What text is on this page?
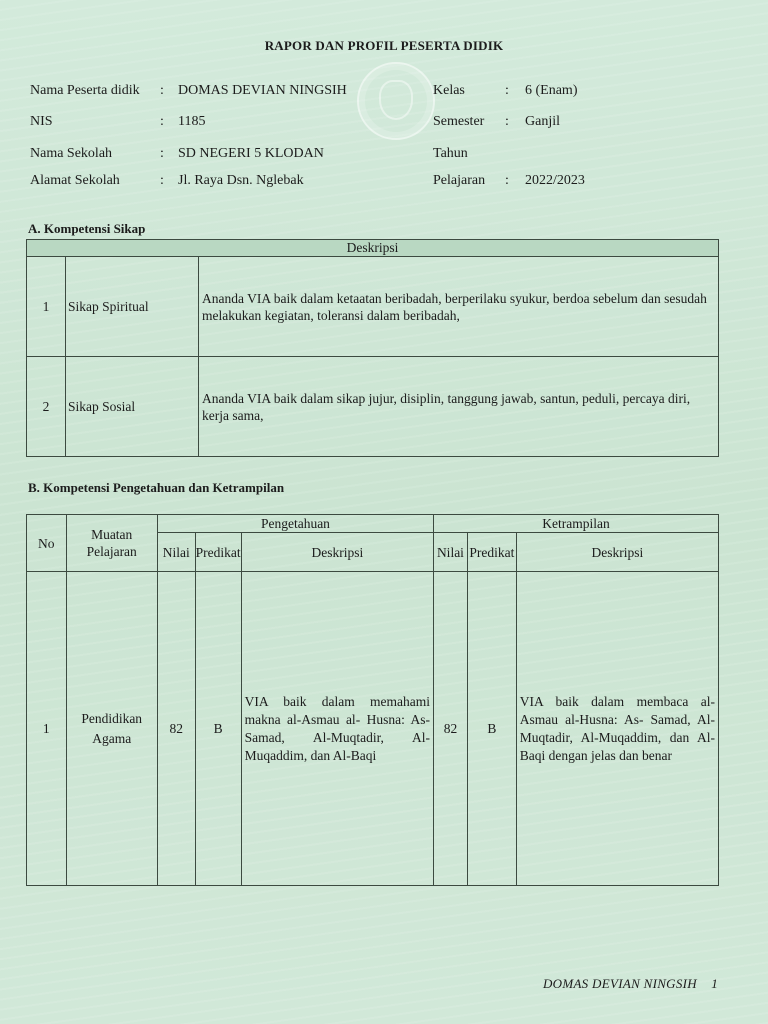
RAPOR DAN PROFIL PESERTA DIDIK
Nama Peserta didik : DOMAS DEVIAN NINGSIH
NIS	: 1185
Nama Sekolah	: SD NEGERI 5 KLODAN
Alamat Sekolah	: Jl. Raya Dsn. Nglebak
Kelas	: 6 (Enam)
Semester : Ganjil
Tahun
Pelajaran : 2022/2023
A. Kompetensi Sikap
Deskripsi		
1	Sikap Spiritual	Ananda VIA baik dalam ketaatan beribadah, berperilaku syukur, berdoa sebelum dan sesudah melakukan kegiatan, toleransi dalam beribadah,
2	Sikap Sosial	Ananda VIA baik dalam sikap jujur, disiplin, tanggung jawab, santun, peduli, percaya diri, kerja sama,
B. Kompetensi Pengetahuan dan Ketrampilan
No	Muatan Pelajaran	Pengetahuan			Ketrampilan		
		Nilai	Predikat	Deskripsi	Nilai	Predikat	Deskripsi
1	Pendidikan Agama	82	B	VIA baik dalam memahami makna al-Asmau al- Husna: As-Samad, Al-Muqtadir, Al-Muqaddim, dan Al-Baqi	82	B	VIA baik dalam membaca al-Asmau al-Husna: As- Samad, Al-Muqtadir, Al-Muqaddim, dan Al-Baqi dengan jelas dan benar
DOMAS DEVIAN NINGSIH 1
